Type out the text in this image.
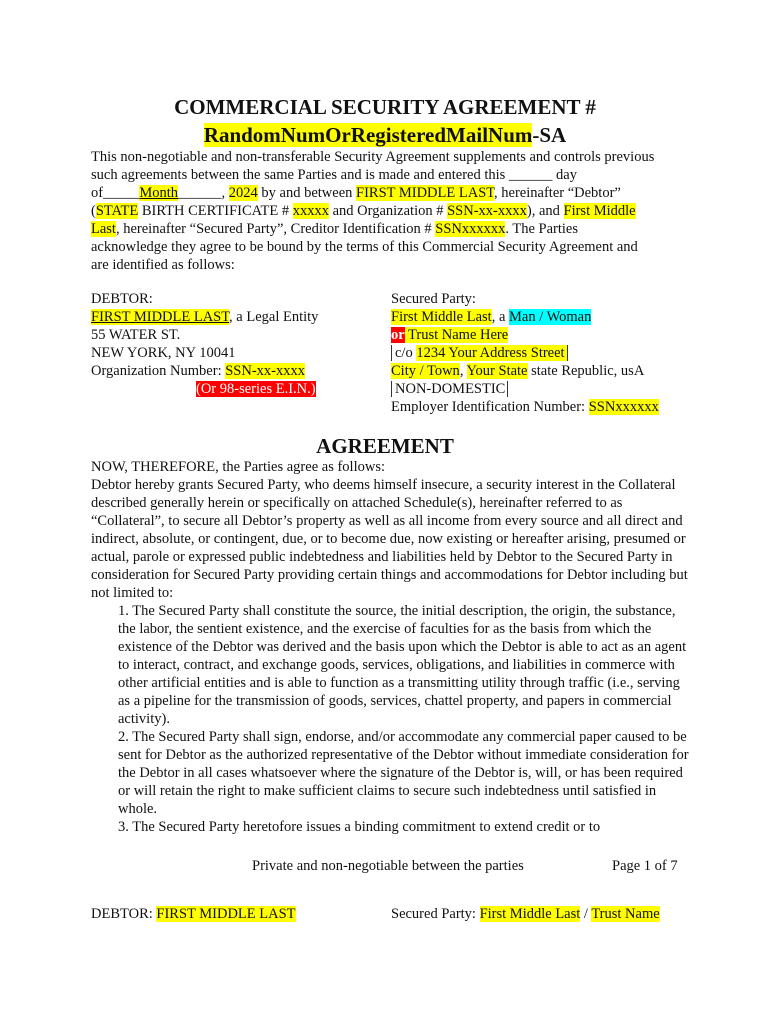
COMMERCIAL SECURITY AGREEMENT #
RandomNumOrRegisteredMailNum-SA
This non-negotiable and non-transferable Security Agreement supplements and controls previous
such agreements between the same Parties and is made and entered this ______ day
of_____Month______, 2024 by and between FIRST MIDDLE LAST, hereinafter “Debtor”
(STATE BIRTH CERTIFICATE # xxxxx and Organization # SSN-xx-xxxx), and First Middle
Last, hereinafter “Secured Party”, Creditor Identification # SSNxxxxxx. The Parties
acknowledge they agree to be bound by the terms of this Commercial Security Agreement and
are identified as follows:
DEBTOR:
FIRST MIDDLE LAST, a Legal Entity
55 WATER ST.
NEW YORK, NY 10041
Organization Number: SSN-xx-xxxx
(Or 98-series E.I.N.)
Secured Party:
First Middle Last, a Man / Woman
or Trust Name Here
c/o 1234 Your Address Street
City / Town, Your State state Republic, usA
NON-DOMESTIC
Employer Identification Number: SSNxxxxxx
AGREEMENT
NOW, THEREFORE, the Parties agree as follows:
Debtor hereby grants Secured Party, who deems himself insecure, a security interest in the Collateral described generally herein or specifically on attached Schedule(s), hereinafter referred to as “Collateral”, to secure all Debtor’s property as well as all income from every source and all direct and indirect, absolute, or contingent, due, or to become due, now existing or hereafter arising, presumed or actual, parole or expressed public indebtedness and liabilities held by Debtor to the Secured Party in consideration for Secured Party providing certain things and accommodations for Debtor including but not limited to:
1. The Secured Party shall constitute the source, the initial description, the origin, the substance, the labor, the sentient existence, and the exercise of faculties for as the basis from which the existence of the Debtor was derived and the basis upon which the Debtor is able to act as an agent to interact, contract, and exchange goods, services, obligations, and liabilities in commerce with other artificial entities and is able to function as a transmitting utility through traffic (i.e., serving as a pipeline for the transmission of goods, services, chattel property, and papers in commercial activity).
2. The Secured Party shall sign, endorse, and/or accommodate any commercial paper caused to be sent for Debtor as the authorized representative of the Debtor without immediate consideration for the Debtor in all cases whatsoever where the signature of the Debtor is, will, or has been required or will retain the right to make sufficient claims to secure such indebtedness until satisfied in whole.
3. The Secured Party heretofore issues a binding commitment to extend credit or to
Private and non-negotiable between the parties	Page 1 of 7
DEBTOR: FIRST MIDDLE LAST	Secured Party: First Middle Last / Trust Name
